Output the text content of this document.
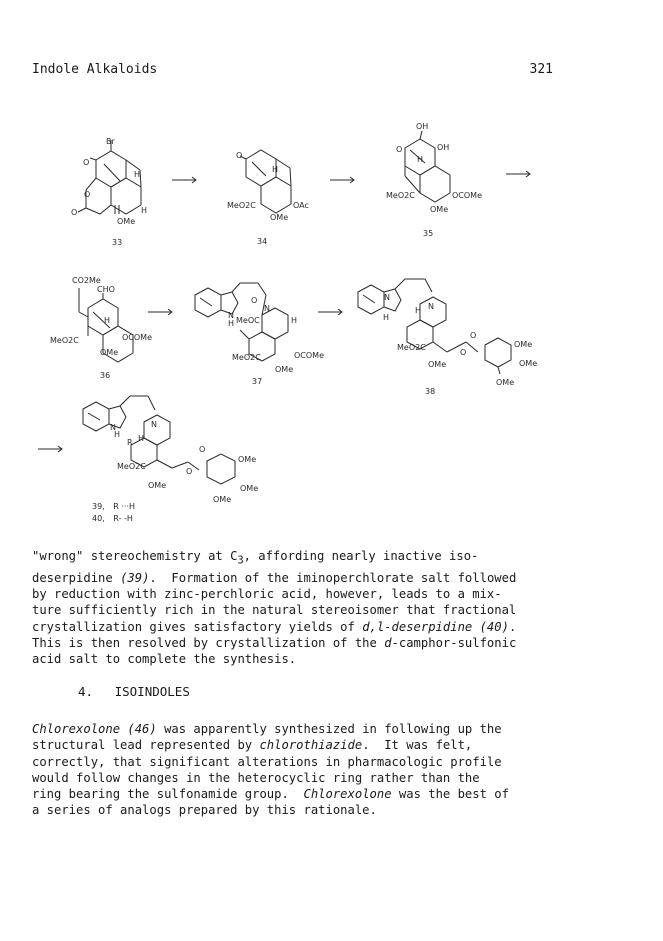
Indole Alkaloids	321
Br
O
O
O
H
H
OMe
33
O
H
MeO2C	OAc
OMe
34
OH
O	OH
H
MeO2C	OCOMe
OMe
35
CO2Me
CHO
H
MeO2C	OCOMe
OMe
36
O
N
H MeOC
N
H
MeO2C	OCOMe
OMe
37
N
H
N
H
O
MeO2C
O
OMe
OMe
OMe
OMe
38
N
H
N
R H
MeO2C
O
OMe
O
OMe
OMe
OMe
39, R ···H
40, R- -H

"wrong" stereochemistry at $C_3$, affording nearly inactive iso-

deserpidine (39).  Formation of the iminoperchlorate salt followed

by reduction with zinc-perchloric acid, however, leads to a mix-

ture sufficiently rich in the natural stereoisomer that fractional

crystallization gives satisfactory yields of d,l-deserpidine (40).

This is then resolved by crystallization of the d-camphor-sulfonic

acid salt to complete the synthesis.

4. ISOINDOLES

Chlorexolone (46) was apparently synthesized in following up the

structural lead represented by chlorothiazide.  It was felt,

correctly, that significant alterations in pharmacologic profile

would follow changes in the heterocyclic ring rather than the

ring bearing the sulfonamide group.  Chlorexolone was the best of

a series of analogs prepared by this rationale.
